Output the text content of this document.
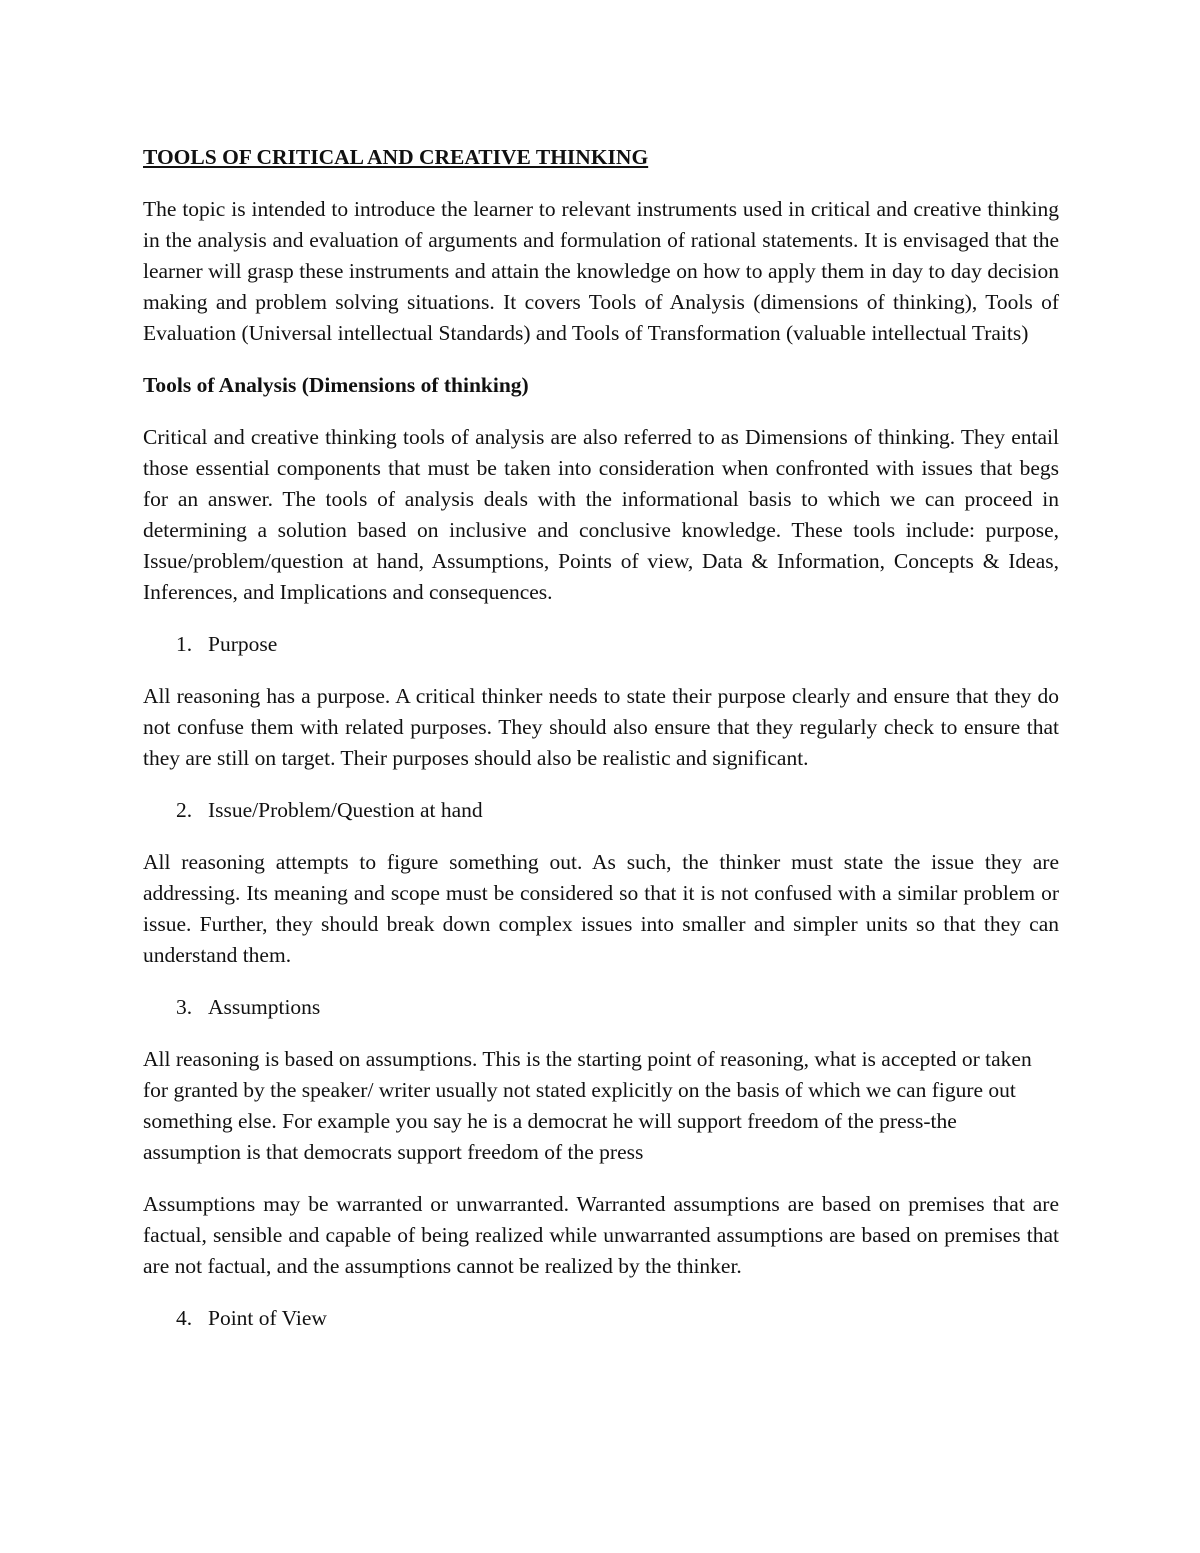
TOOLS OF CRITICAL AND CREATIVE THINKING
The topic is intended to introduce the learner to relevant instruments used in critical and creative thinking in the analysis and evaluation of arguments and formulation of rational statements. It is envisaged that the learner will grasp these instruments and attain the knowledge on how to apply them in day to day decision making and problem solving situations. It covers Tools of Analysis (dimensions of thinking), Tools of Evaluation (Universal intellectual Standards) and Tools of Transformation (valuable intellectual Traits)
Tools of Analysis (Dimensions of thinking)
Critical and creative thinking tools of analysis are also referred to as Dimensions of thinking. They entail those essential components that must be taken into consideration when confronted with issues that begs for an answer. The tools of analysis deals with the informational basis to which we can proceed in determining a solution based on inclusive and conclusive knowledge. These tools include: purpose, Issue/problem/question at hand, Assumptions, Points of view, Data & Information, Concepts & Ideas, Inferences, and Implications and consequences.
1. Purpose
All reasoning has a purpose. A critical thinker needs to state their purpose clearly and ensure that they do not confuse them with related purposes. They should also ensure that they regularly check to ensure that they are still on target. Their purposes should also be realistic and significant.
2. Issue/Problem/Question at hand
All reasoning attempts to figure something out. As such, the thinker must state the issue they are addressing. Its meaning and scope must be considered so that it is not confused with a similar problem or issue. Further, they should break down complex issues into smaller and simpler units so that they can understand them.
3. Assumptions
All reasoning is based on assumptions. This is the starting point of reasoning, what is accepted or taken for granted by the speaker/ writer usually not stated explicitly on the basis of which we can figure out something else. For example you say he is a democrat he will support freedom of the press-the assumption is that democrats support freedom of the press
Assumptions may be warranted or unwarranted. Warranted assumptions are based on premises that are factual, sensible and capable of being realized while unwarranted assumptions are based on premises that are not factual, and the assumptions cannot be realized by the thinker.
4. Point of View
